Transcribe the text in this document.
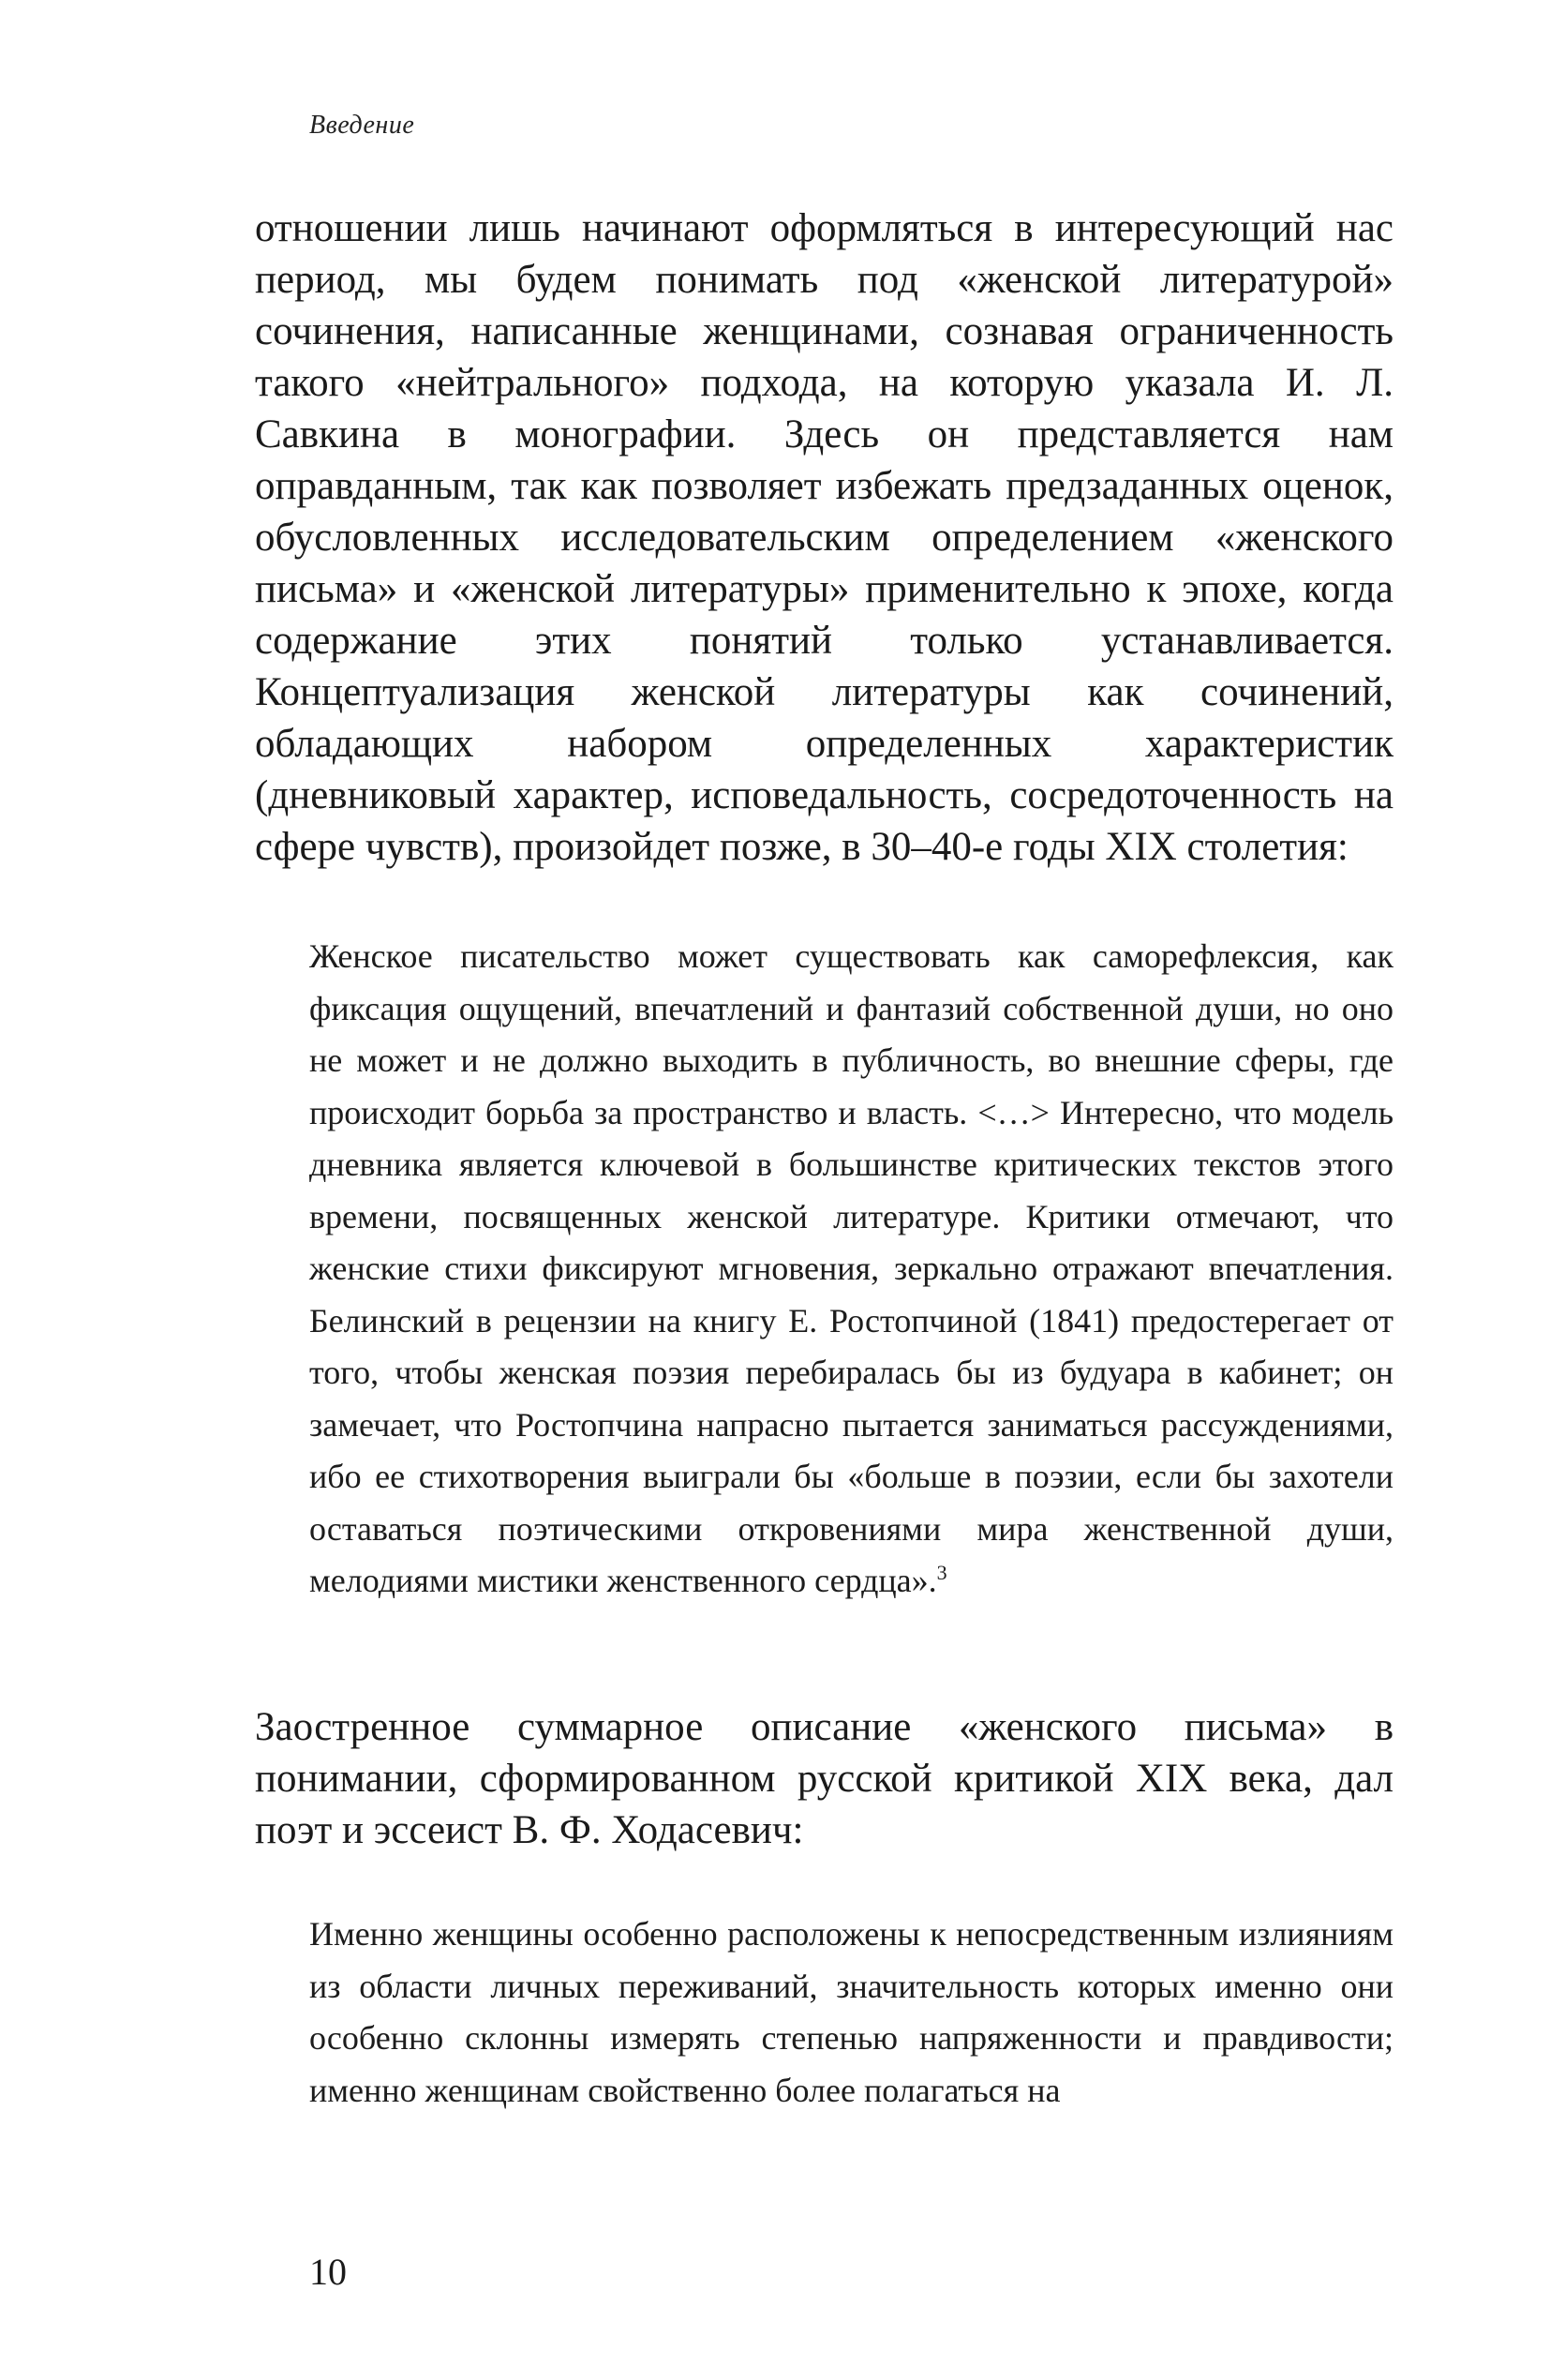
Введение

отношении лишь начинают оформляться в интересующий нас период, мы будем понимать под «женской литературой» сочинения, написанные женщинами, сознавая ограниченность такого «нейтрального» подхода, на которую указала И. Л. Савкина в монографии. Здесь он представляется нам оправданным, так как позволяет избежать предзаданных оценок, обусловленных исследовательским определением «женского письма» и «женской литературы» применительно к эпохе, когда содержание этих понятий только устанавливается. Концептуализация женской литературы как сочинений, обладающих набором определенных характеристик (дневниковый характер, исповедальность, сосредоточенность на сфере чувств), произойдет позже, в 30–40-е годы XIX столетия:

Женское писательство может существовать как саморефлексия, как фиксация ощущений, впечатлений и фантазий собственной души, но оно не может и не должно выходить в публичность, во внешние сферы, где происходит борьба за пространство и власть. <…> Интересно, что модель дневника является ключевой в большинстве критических текстов этого времени, посвященных женской литературе. Критики отмечают, что женские стихи фиксируют мгновения, зеркально отражают впечатления. Белинский в рецензии на книгу Е. Ростопчиной (1841) предостерегает от того, чтобы женская поэзия перебиралась бы из будуара в кабинет; он замечает, что Ростопчина напрасно пытается заниматься рассуждениями, ибо ее стихотворения выиграли бы «больше в поэзии, если бы захотели оставаться поэтическими откровениями мира женственной души, мелодиями мистики женственного сердца».$^3$

Заостренное суммарное описание «женского письма» в понимании, сформированном русской критикой XIX века, дал поэт и эссеист В. Ф. Ходасевич:

Именно женщины особенно расположены к непосредственным излияниям из области личных переживаний, значительность которых именно они особенно склонны измерять степенью напряженности и правдивости; именно женщинам свойственно более полагаться на
10
